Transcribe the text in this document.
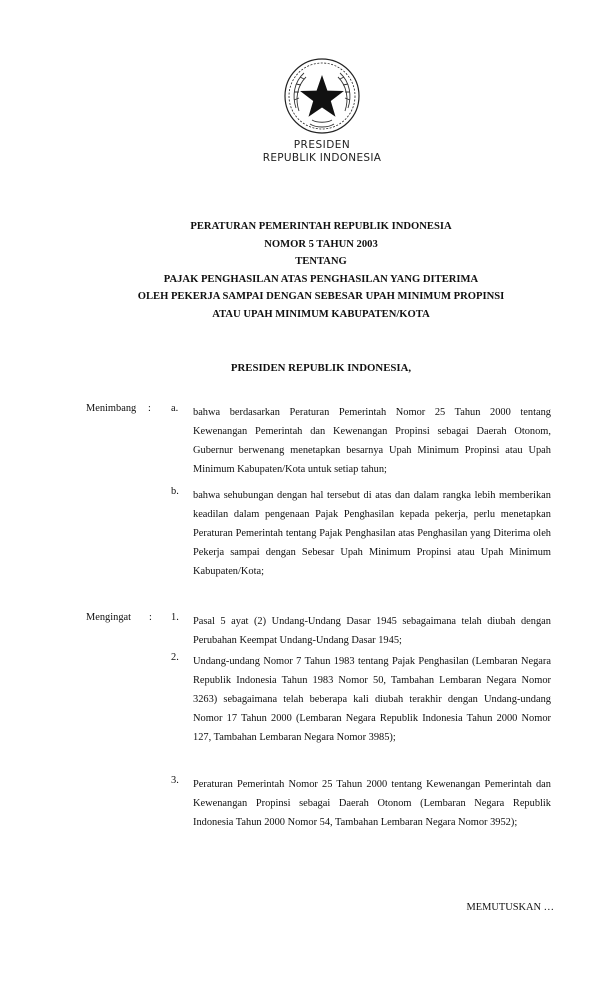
PRESIDEN
REPUBLIK INDONESIA
PERATURAN PEMERINTAH REPUBLIK INDONESIA
NOMOR 5 TAHUN 2003
TENTANG
PAJAK PENGHASILAN ATAS PENGHASILAN YANG DITERIMA
OLEH PEKERJA SAMPAI DENGAN SEBESAR UPAH MINIMUM PROPINSI
ATAU UPAH MINIMUM KABUPATEN/KOTA
PRESIDEN REPUBLIK INDONESIA,
Menimbang : a. bahwa berdasarkan Peraturan Pemerintah Nomor 25 Tahun 2000 tentang Kewenangan Pemerintah dan Kewenangan Propinsi sebagai Daerah Otonom, Gubernur berwenang menetapkan besarnya Upah Minimum Propinsi atau Upah Minimum Kabupaten/Kota untuk setiap tahun;
b. bahwa sehubungan dengan hal tersebut di atas dan dalam rangka lebih memberikan keadilan dalam pengenaan Pajak Penghasilan kepada pekerja, perlu menetapkan Peraturan Pemerintah tentang Pajak Penghasilan atas Penghasilan yang Diterima oleh Pekerja sampai dengan Sebesar Upah Minimum Propinsi atau Upah Minimum Kabupaten/Kota;
Mengingat : 1. Pasal 5 ayat (2) Undang-Undang Dasar 1945 sebagaimana telah diubah dengan Perubahan Keempat Undang-Undang Dasar 1945;
2. Undang-undang Nomor 7 Tahun 1983 tentang Pajak Penghasilan (Lembaran Negara Republik Indonesia Tahun 1983 Nomor 50, Tambahan Lembaran Negara Nomor 3263) sebagaimana telah beberapa kali diubah terakhir dengan Undang-undang Nomor 17 Tahun 2000 (Lembaran Negara Republik Indonesia Tahun 2000 Nomor 127, Tambahan Lembaran Negara Nomor 3985);
3. Peraturan Pemerintah Nomor 25 Tahun 2000 tentang Kewenangan Pemerintah dan Kewenangan Propinsi sebagai Daerah Otonom (Lembaran Negara Republik Indonesia Tahun 2000 Nomor 54, Tambahan Lembaran Negara Nomor 3952);
MEMUTUSKAN …
